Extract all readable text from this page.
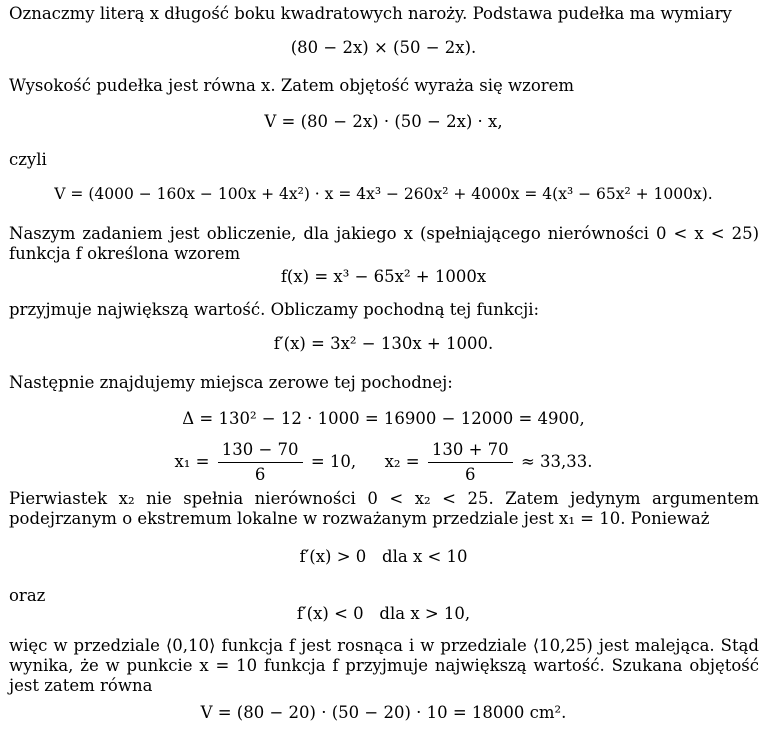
Oznaczmy literą x długość boku kwadratowych naroży. Podstawa pudełka ma wymiary
(80 − 2x) × (50 − 2x).
Wysokość pudełka jest równa x. Zatem objętość wyraża się wzorem
V = (80 − 2x) · (50 − 2x) · x,
czyli
V = (4000 − 160x − 100x + 4x²) · x = 4x³ − 260x² + 4000x = 4(x³ − 65x² + 1000x).
Naszym zadaniem jest obliczenie, dla jakiego x (spełniającego nierówności 0 < x < 25) funkcja f określona wzorem
f(x) = x³ − 65x² + 1000x
przyjmuje największą wartość. Obliczamy pochodną tej funkcji:
f′(x) = 3x² − 130x + 1000.
Następnie znajdujemy miejsca zerowe tej pochodnej:
Δ = 130² − 12 · 1000 = 16900 − 12000 = 4900,
$x_1 = \frac{130 - 70}{6} = 10$, $x_2 = \frac{130 + 70}{6} \approx 33,33$.
Pierwiastek x₂ nie spełnia nierówności 0 < x₂ < 25. Zatem jedynym argumentem podejrzanym o ekstremum lokalne w rozważanym przedziale jest x₁ = 10. Ponieważ
f′(x) > 0   dla x < 10
oraz
f′(x) < 0   dla x > 10,
więc w przedziale ⟨0,10⟩ funkcja f jest rosnąca i w przedziale ⟨10,25) jest malejąca. Stąd wynika, że w punkcie x = 10 funkcja f przyjmuje największą wartość. Szukana objętość jest zatem równa
V = (80 − 20) · (50 − 20) · 10 = 18000 cm².
